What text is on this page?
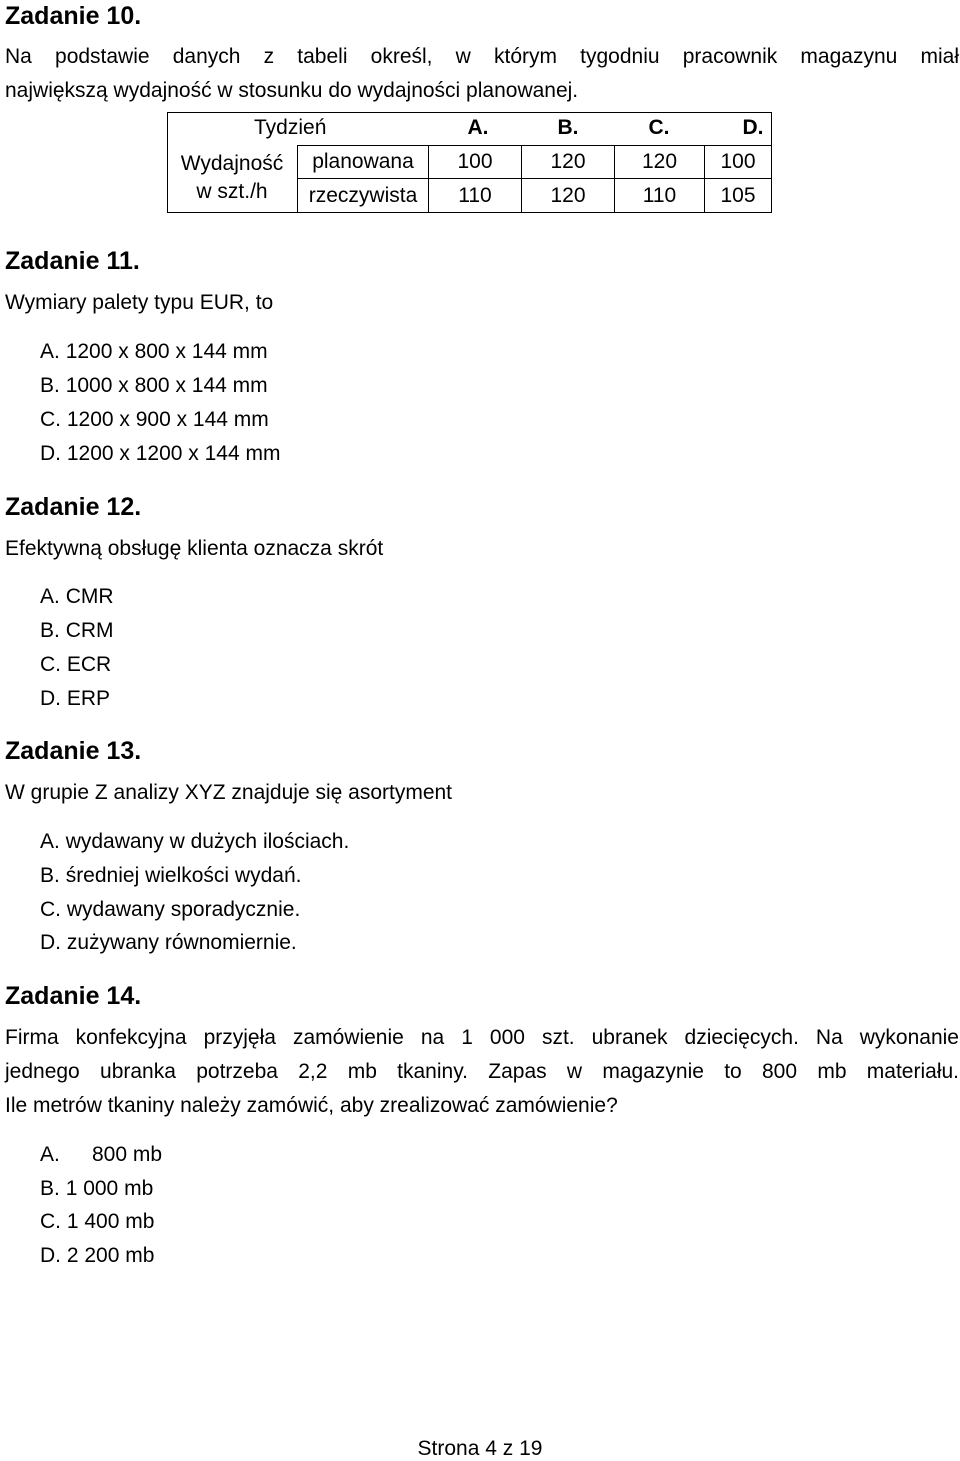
Zadanie 10.
Na podstawie danych z tabeli określ, w którym tygodniu pracownik magazynu miał
największą wydajność w stosunku do wydajności planowanej.
Tydzień	A.	B.	C.	D.
Wydajność
w szt./h
planowana	100	120	120	100
rzeczywista	110	120	110	105
Zadanie 11.
Wymiary palety typu EUR, to
A. 1200 x 800 x 144 mm
B. 1000 x 800 x 144 mm
C. 1200 x 900 x 144 mm
D. 1200 x 1200 x 144 mm
Zadanie 12.
Efektywną obsługę klienta oznacza skrót
A. CMR
B. CRM
C. ECR
D. ERP
Zadanie 13.
W grupie Z analizy XYZ znajduje się asortyment
A. wydawany w dużych ilościach.
B. średniej wielkości wydań.
C. wydawany sporadycznie.
D. zużywany równomiernie.
Zadanie 14.
Firma konfekcyjna przyjęła zamówienie na 1 000 szt. ubranek dziecięcych. Na wykonanie
jednego ubranka potrzeba 2,2 mb tkaniny. Zapas w magazynie to 800 mb materiału.
Ile metrów tkaniny należy zamówić, aby zrealizować zamówienie?
A. 800 mb
B. 1 000 mb
C. 1 400 mb
D. 2 200 mb
Strona 4 z 19
